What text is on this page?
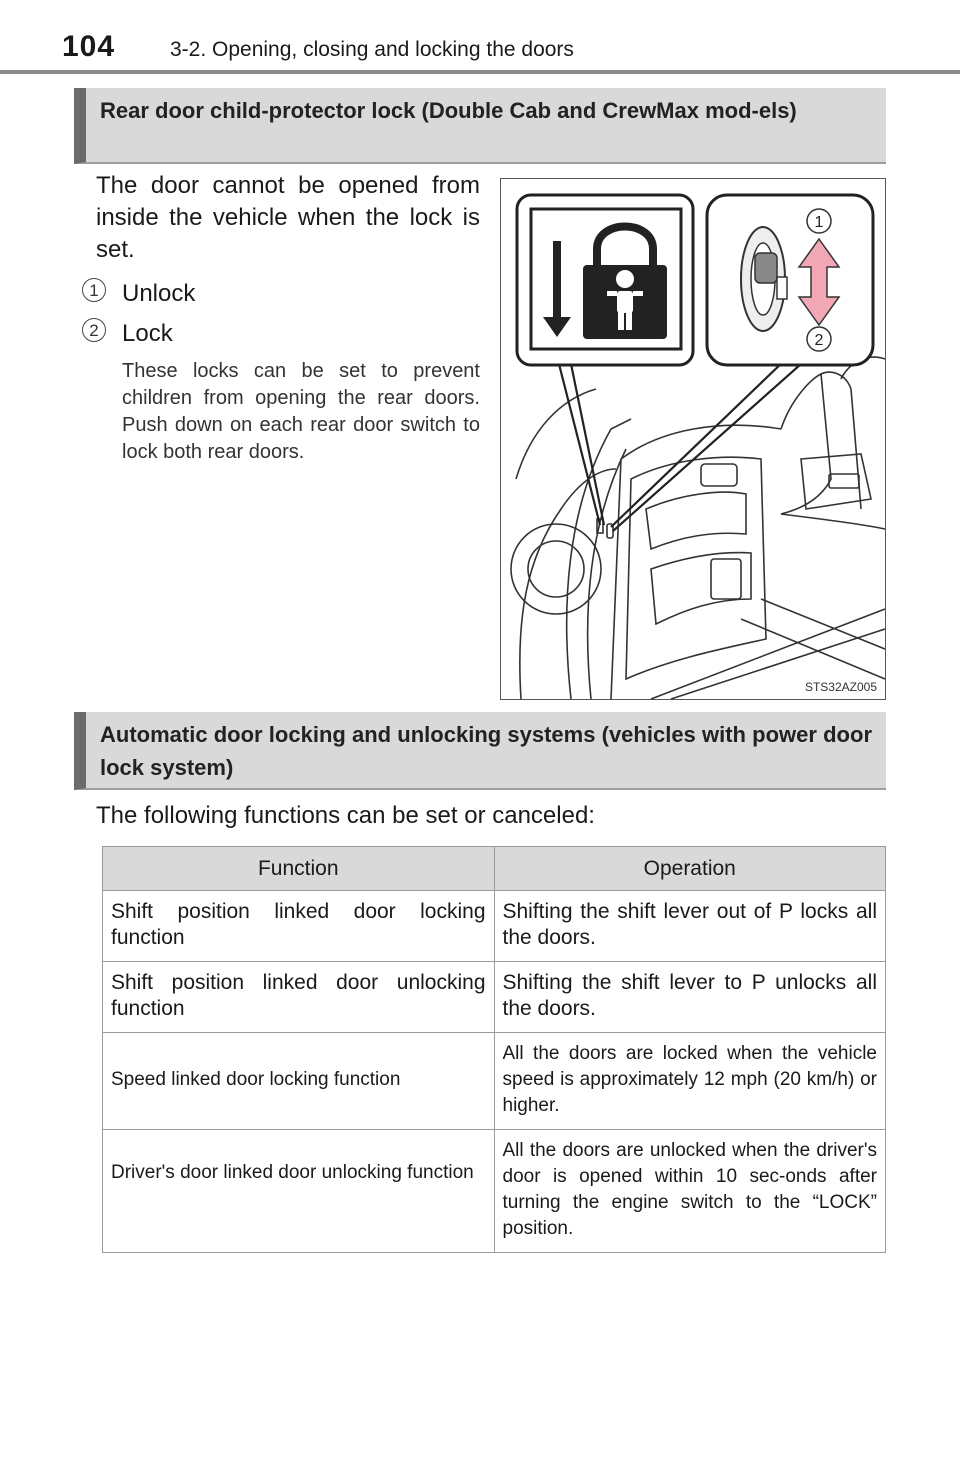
104	3-2. Opening, closing and locking the doors
Rear door child-protector lock (Double Cab and CrewMax mod-els)
The door cannot be opened from inside the vehicle when the lock is set.
1 Unlock
2 Lock
These locks can be set to prevent children from opening the rear doors. Push down on each rear door switch to lock both rear doors.
1
2
STS32AZ005
Automatic door locking and unlocking systems (vehicles with power door lock system)
The following functions can be set or canceled:
Function	Operation
Shift position linked door locking function	Shifting the shift lever out of P locks all the doors.
Shift position linked door unlocking function	Shifting the shift lever to P unlocks all the doors.
Speed linked door locking function	All the doors are locked when the vehicle speed is approximately 12 mph (20 km/h) or higher.
Driver's door linked door unlocking function	All the doors are unlocked when the driver's door is opened within 10 sec-onds after turning the engine switch to the “LOCK” position.
